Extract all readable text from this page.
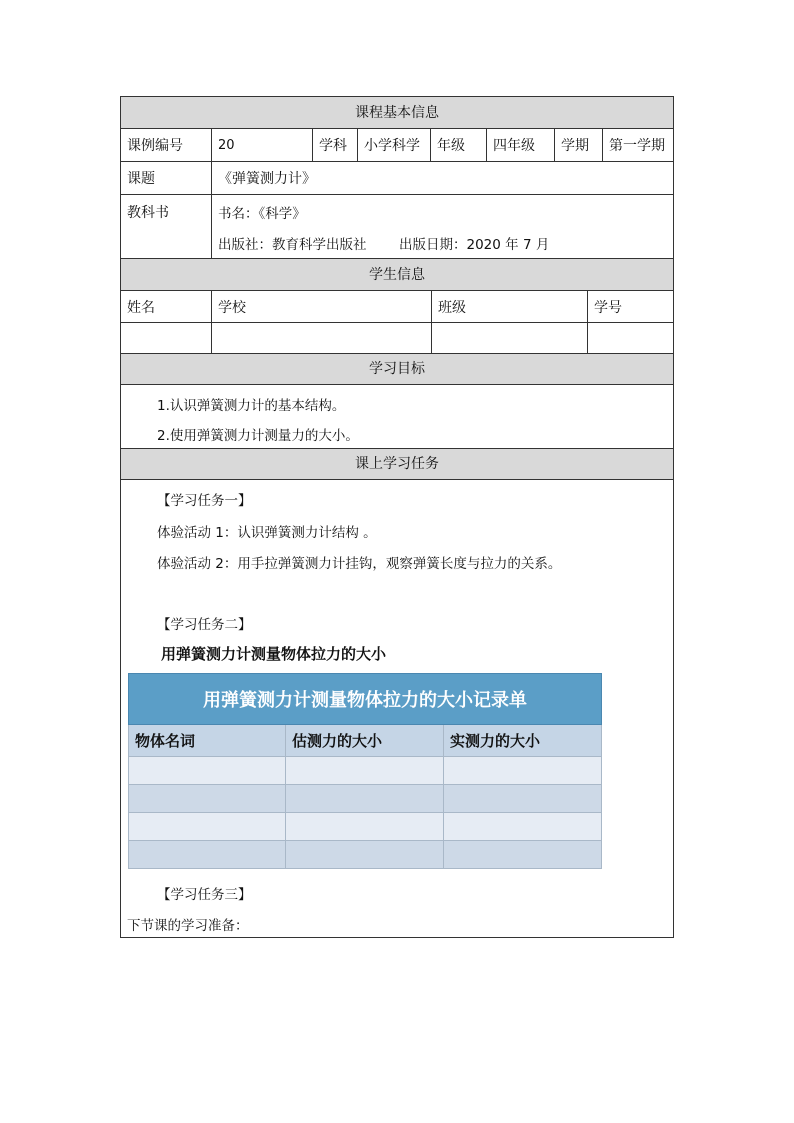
课程基本信息
课例编号	20	学科	小学科学	年级	四年级	学期	第一学期
课题	《弹簧测力计》
教科书	书名：《科学》
出版社：教育科学出版社 出版日期：2020 年 7 月
学生信息
姓名	学校	班级	学号
学习目标
1.认识弹簧测力计的基本结构。
2.使用弹簧测力计测量力的大小。
课上学习任务
【学习任务一】
体验活动 1：认识弹簧测力计结构 。
体验活动 2：用手拉弹簧测力计挂钩，观察弹簧长度与拉力的关系。
【学习任务二】
用弹簧测力计测量物体拉力的大小
用弹簧测力计测量物体拉力的大小记录单
物体名词	估测力的大小	实测力的大小
【学习任务三】
下节课的学习准备：
